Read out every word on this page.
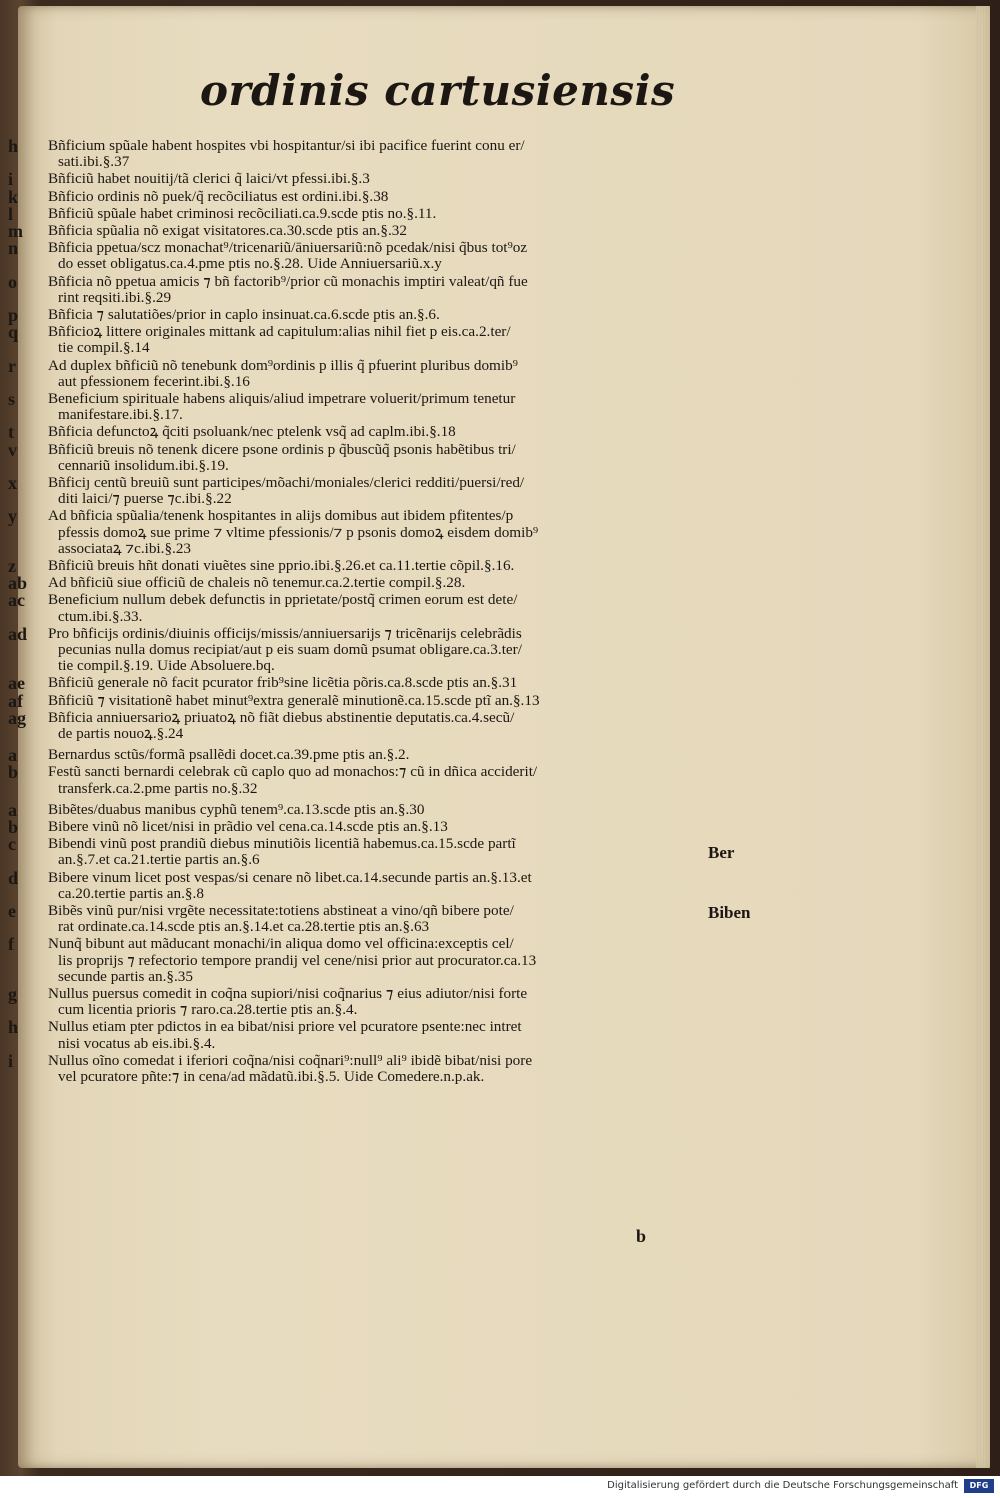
ordinis cartusiensis
h	Bñficium spũale habent hospites vbi hospitantur/si ibi pacifice fuerint conu er/
sati.ibi.§.37
i	Bñficiũ habet nouitij/tã clerici q̃ laici/vt pfessi.ibi.§.3
k	Bñficio ordinis nõ puek/q̃ recõciliatus est ordini.ibi.§.38
l	Bñficiũ spũale habet criminosi recõciliati.ca.9.scde ptis no.§.11.
m	Bñficia spũalia nõ exigat visitatores.ca.30.scde ptis an.§.32
n	Bñficia ppetua/scz monachat⁹/tricenariũ/āniuersariũ:nõ pcedak/nisi q̃bus tot⁹oz
do esset obligatus.ca.4.pme ptis no.§.28. Uide Anniuersariũ.x.y
o	Bñficia nõ ppetua amicis ⁊ bñ factorib⁹/prior cũ monachis imptiri valeat/qñ fue
rint reqsiti.ibi.§.29
p	Bñficia ⁊ salutatiões/prior in caplo insinuat.ca.6.scde ptis an.§.6.
q	Bñficioꝝ littere originales mittank ad capitulum:alias nihil fiet p eis.ca.2.ter/
tie compil.§.14
r	Ad duplex bñficiũ nõ tenebunk dom⁹ordinis p illis q̃ pfuerint pluribus domib⁹
aut pfessionem fecerint.ibi.§.16
s	Beneficium spirituale habens aliquis/aliud impetrare voluerit/primum tenetur
manifestare.ibi.§.17.
t	Bñficia defunctoꝝ q̃citi psoluank/nec ptelenk vsq̃ ad caplm.ibi.§.18
v	Bñficiũ breuis nõ tenenk dicere psone ordinis p q̃buscũq̃ psonis habẽtibus tri/
cennariũ insolidum.ibi.§.19.
x	Bñficiȷ centũ breuiũ sunt participes/mõachi/moniales/clerici redditi/puersi/red/
diti laici/⁊ puerse ⁊c.ibi.§.22
y	Ad bñficia spũalia/tenenk hospitantes in alijs domibus aut ibidem pfitentes/p
pfessis domoꝝ sue prime ⁊ vltime pfessionis/⁊ p psonis domoꝝ eisdem domib⁹
associataꝝ ⁊c.ibi.§.23
z	Bñficiũ breuis hñt donati viuẽtes sine pprio.ibi.§.26.et ca.11.tertie cõpil.§.16.
ab	Ad bñficiũ siue officiũ de chaleis nõ tenemur.ca.2.tertie compil.§.28.
ac	Beneficium nullum debek defunctis in pprietate/postq̃ crimen eorum est dete/
ctum.ibi.§.33.
ad	Pro bñficijs ordinis/diuinis officijs/missis/anniuersarijs ⁊ tricẽnarijs celebrãdis
pecunias nulla domus recipiat/aut p eis suam domũ psumat obligare.ca.3.ter/
tie compil.§.19. Uide Absoluere.bq.
ae	Bñficiũ generale nõ facit pcurator frib⁹sine licẽtia põris.ca.8.scde ptis an.§.31
af	Bñficiũ ⁊ visitationẽ habet minut⁹extra generalẽ minutionẽ.ca.15.scde ptĩ an.§.13
ag	Bñficia anniuersarioꝝ priuatoꝝ nõ fiãt diebus abstinentie deputatis.ca.4.secũ/
de partis nouoꝝ.§.24
a	Bernardus sctũs/formã psallẽdi docet.ca.39.pme ptis an.§.2.
b	Festũ sancti bernardi celebrak cũ caplo quo ad monachos:⁊ cũ in dñica acciderit/
transferk.ca.2.pme partis no.§.32
a	Bibẽtes/duabus manibus cyphũ tenem⁹.ca.13.scde ptis an.§.30
b	Bibere vinũ nõ licet/nisi in prãdio vel cena.ca.14.scde ptis an.§.13
c	Bibendi vinũ post prandiũ diebus minutiõis licentiã habemus.ca.15.scde partĩ
an.§.7.et ca.21.tertie partis an.§.6
d	Bibere vinum licet post vespas/si cenare nõ libet.ca.14.secunde partis an.§.13.et
ca.20.tertie partis an.§.8
e	Bibẽs vinũ pur/nisi vrgẽte necessitate:totiens abstineat a vino/qñ bibere pote/
rat ordinate.ca.14.scde ptis an.§.14.et ca.28.tertie ptis an.§.63
f	Nunq̃ bibunt aut mãducant monachi/in aliqua domo vel officina:exceptis cel/
lis proprijs ⁊ refectorio tempore prandij vel cene/nisi prior aut procurator.ca.13
secunde partis an.§.35
g	Nullus puersus comedit in coq̃na supiori/nisi coq̃narius ⁊ eius adiutor/nisi forte
cum licentia prioris ⁊ raro.ca.28.tertie ptis an.§.4.
h	Nullus etiam pter pdictos in ea bibat/nisi priore vel pcuratore psente:nec intret
nisi vocatus ab eis.ibi.§.4.
i	Nullus oĩno comedat i iferiori coq̃na/nisi coq̃nari⁹:null⁹ ali⁹ ibidẽ bibat/nisi pore
vel pcuratore pñte:⁊ in cena/ad mãdatũ.ibi.§.5. Uide Comedere.n.p.ak.
Ber
Biben
b
Digitalisierung gefördert durch die Deutsche Forschungsgemeinschaft	DFG
